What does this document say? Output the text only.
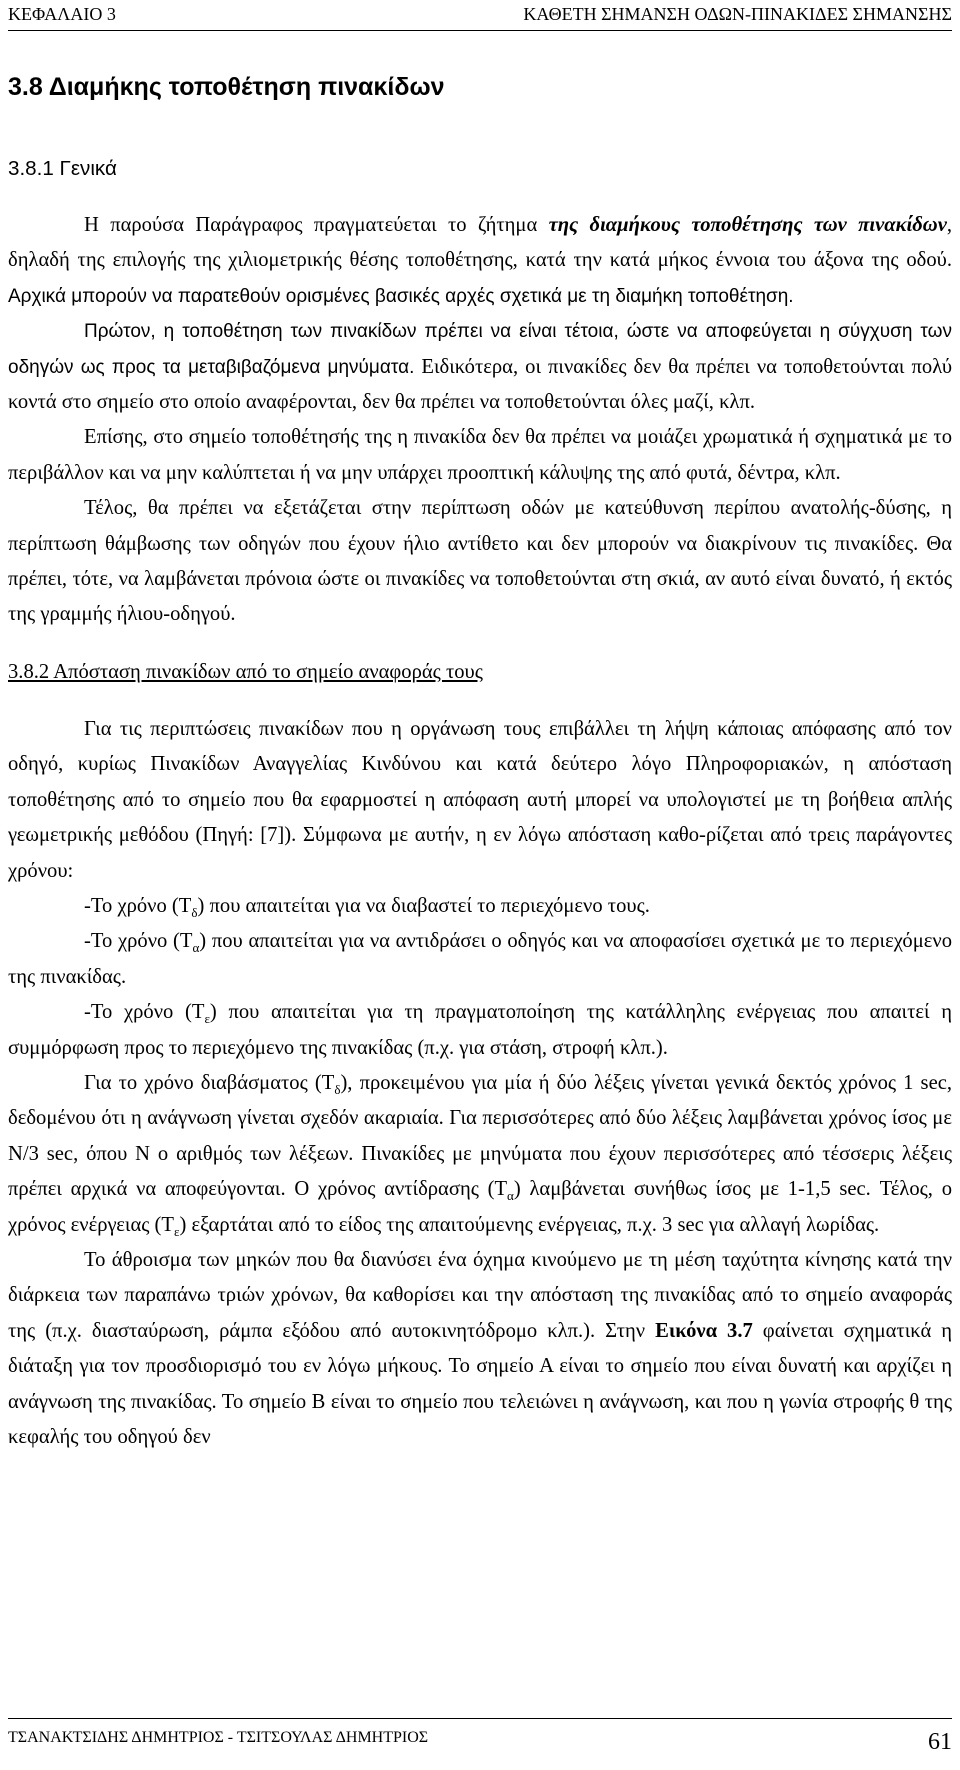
ΚΕΦΑΛΑΙΟ 3	ΚΑΘΕΤΗ ΣΗΜΑΝΣΗ ΟΔΩΝ-ΠΙΝΑΚΙΔΕΣ ΣΗΜΑΝΣΗΣ
3.8 Διαμήκης τοποθέτηση πινακίδων
3.8.1 Γενικά

Η παρούσα Παράγραφος πραγματεύεται το ζήτημα της διαμήκους τοποθέτησης των πινακίδων, δηλαδή της επιλογής της χιλιομετρικής θέσης τοποθέτησης, κατά την κατά μήκος έννοια του άξονα της οδού. Αρχικά μπορούν να παρατεθούν ορισμένες βασικές αρχές σχετικά με τη διαμήκη τοποθέτηση.

Πρώτον, η τοποθέτηση των πινακίδων πρέπει να είναι τέτοια, ώστε να αποφεύγεται η σύγχυση των οδηγών ως προς τα μεταβιβαζόμενα μηνύματα. Ειδικότερα, οι πινακίδες δεν θα πρέπει να τοποθετούνται πολύ κοντά στο σημείο στο οποίο αναφέρονται, δεν θα πρέπει να τοποθετούνται όλες μαζί, κλπ.

Επίσης, στο σημείο τοποθέτησής της η πινακίδα δεν θα πρέπει να μοιάζει χρωματικά ή σχηματικά με το περιβάλλον και να μην καλύπτεται ή να μην υπάρχει προοπτική κάλυψης της από φυτά, δέντρα, κλπ.

Τέλος, θα πρέπει να εξετάζεται στην περίπτωση οδών με κατεύθυνση περίπου ανατολής-δύσης, η περίπτωση θάμβωσης των οδηγών που έχουν ήλιο αντίθετο και δεν μπορούν να διακρίνουν τις πινακίδες. Θα πρέπει, τότε, να λαμβάνεται πρόνοια ώστε οι πινακίδες να τοποθετούνται στη σκιά, αν αυτό είναι δυνατό, ή εκτός της γραμμής ήλιου-οδηγού.

3.8.2 Απόσταση πινακίδων από το σημείο αναφοράς τους

Για τις περιπτώσεις πινακίδων που η οργάνωση τους επιβάλλει τη λήψη κάποιας απόφασης από τον οδηγό, κυρίως Πινακίδων Αναγγελίας Κινδύνου και κατά δεύτερο λόγο Πληροφοριακών, η απόσταση τοποθέτησης από το σημείο που θα εφαρμοστεί η απόφαση αυτή μπορεί να υπολογιστεί με τη βοήθεια απλής γεωμετρικής μεθόδου (Πηγή: [7]). Σύμφωνα με αυτήν, η εν λόγω απόσταση καθο-ρίζεται από τρεις παράγοντες χρόνου:

-Το χρόνο $(T_\delta)$ που απαιτείται για να διαβαστεί το περιεχόμενο τους.

-Το χρόνο $(T_\alpha)$ που απαιτείται για να αντιδράσει ο οδηγός και να αποφασίσει σχετικά με το περιεχόμενο της πινακίδας.

-Το χρόνο $(T_\varepsilon)$ που απαιτείται για τη πραγματοποίηση της κατάλληλης ενέργειας που απαιτεί η συμμόρφωση προς το περιεχόμενο της πινακίδας (π.χ. για στάση, στροφή κλπ.).

Για το χρόνο διαβάσματος $(T_\delta)$, προκειμένου για μία ή δύο λέξεις γίνεται γενικά δεκτός χρόνος 1 sec, δεδομένου ότι η ανάγνωση γίνεται σχεδόν ακαριαία. Για περισσότερες από δύο λέξεις λαμβάνεται χρόνος ίσος με N/3 sec, όπου N ο αριθμός των λέξεων. Πινακίδες με μηνύματα που έχουν περισσότερες από τέσσερις λέξεις πρέπει αρχικά να αποφεύγονται. Ο χρόνος αντίδρασης $(T_\alpha)$ λαμβάνεται συνήθως ίσος με 1-1,5 sec. Τέλος, ο χρόνος ενέργειας $(T_\varepsilon)$ εξαρτάται από το είδος της απαιτούμενης ενέργειας, π.χ. 3 sec για αλλαγή λωρίδας.

Το άθροισμα των μηκών που θα διανύσει ένα όχημα κινούμενο με τη μέση ταχύτητα κίνησης κατά την διάρκεια των παραπάνω τριών χρόνων, θα καθορίσει και την απόσταση της πινακίδας από το σημείο αναφοράς της (π.χ. διασταύρωση, ράμπα εξόδου από αυτοκινητόδρομο κλπ.). Στην Εικόνα 3.7 φαίνεται σχηματικά η διάταξη για τον προσδιορισμό του εν λόγω μήκους. Το σημείο Α είναι το σημείο που είναι δυνατή και αρχίζει η ανάγνωση της πινακίδας. Το σημείο Β είναι το σημείο που τελειώνει η ανάγνωση, και που η γωνία στροφής θ της κεφαλής του οδηγού δεν

ΤΣΑΝΑΚΤΣΙΔΗΣ ΔΗΜΗΤΡΙΟΣ - ΤΣΙΤΣΟΥΛΑΣ ΔΗΜΗΤΡΙΟΣ	61
